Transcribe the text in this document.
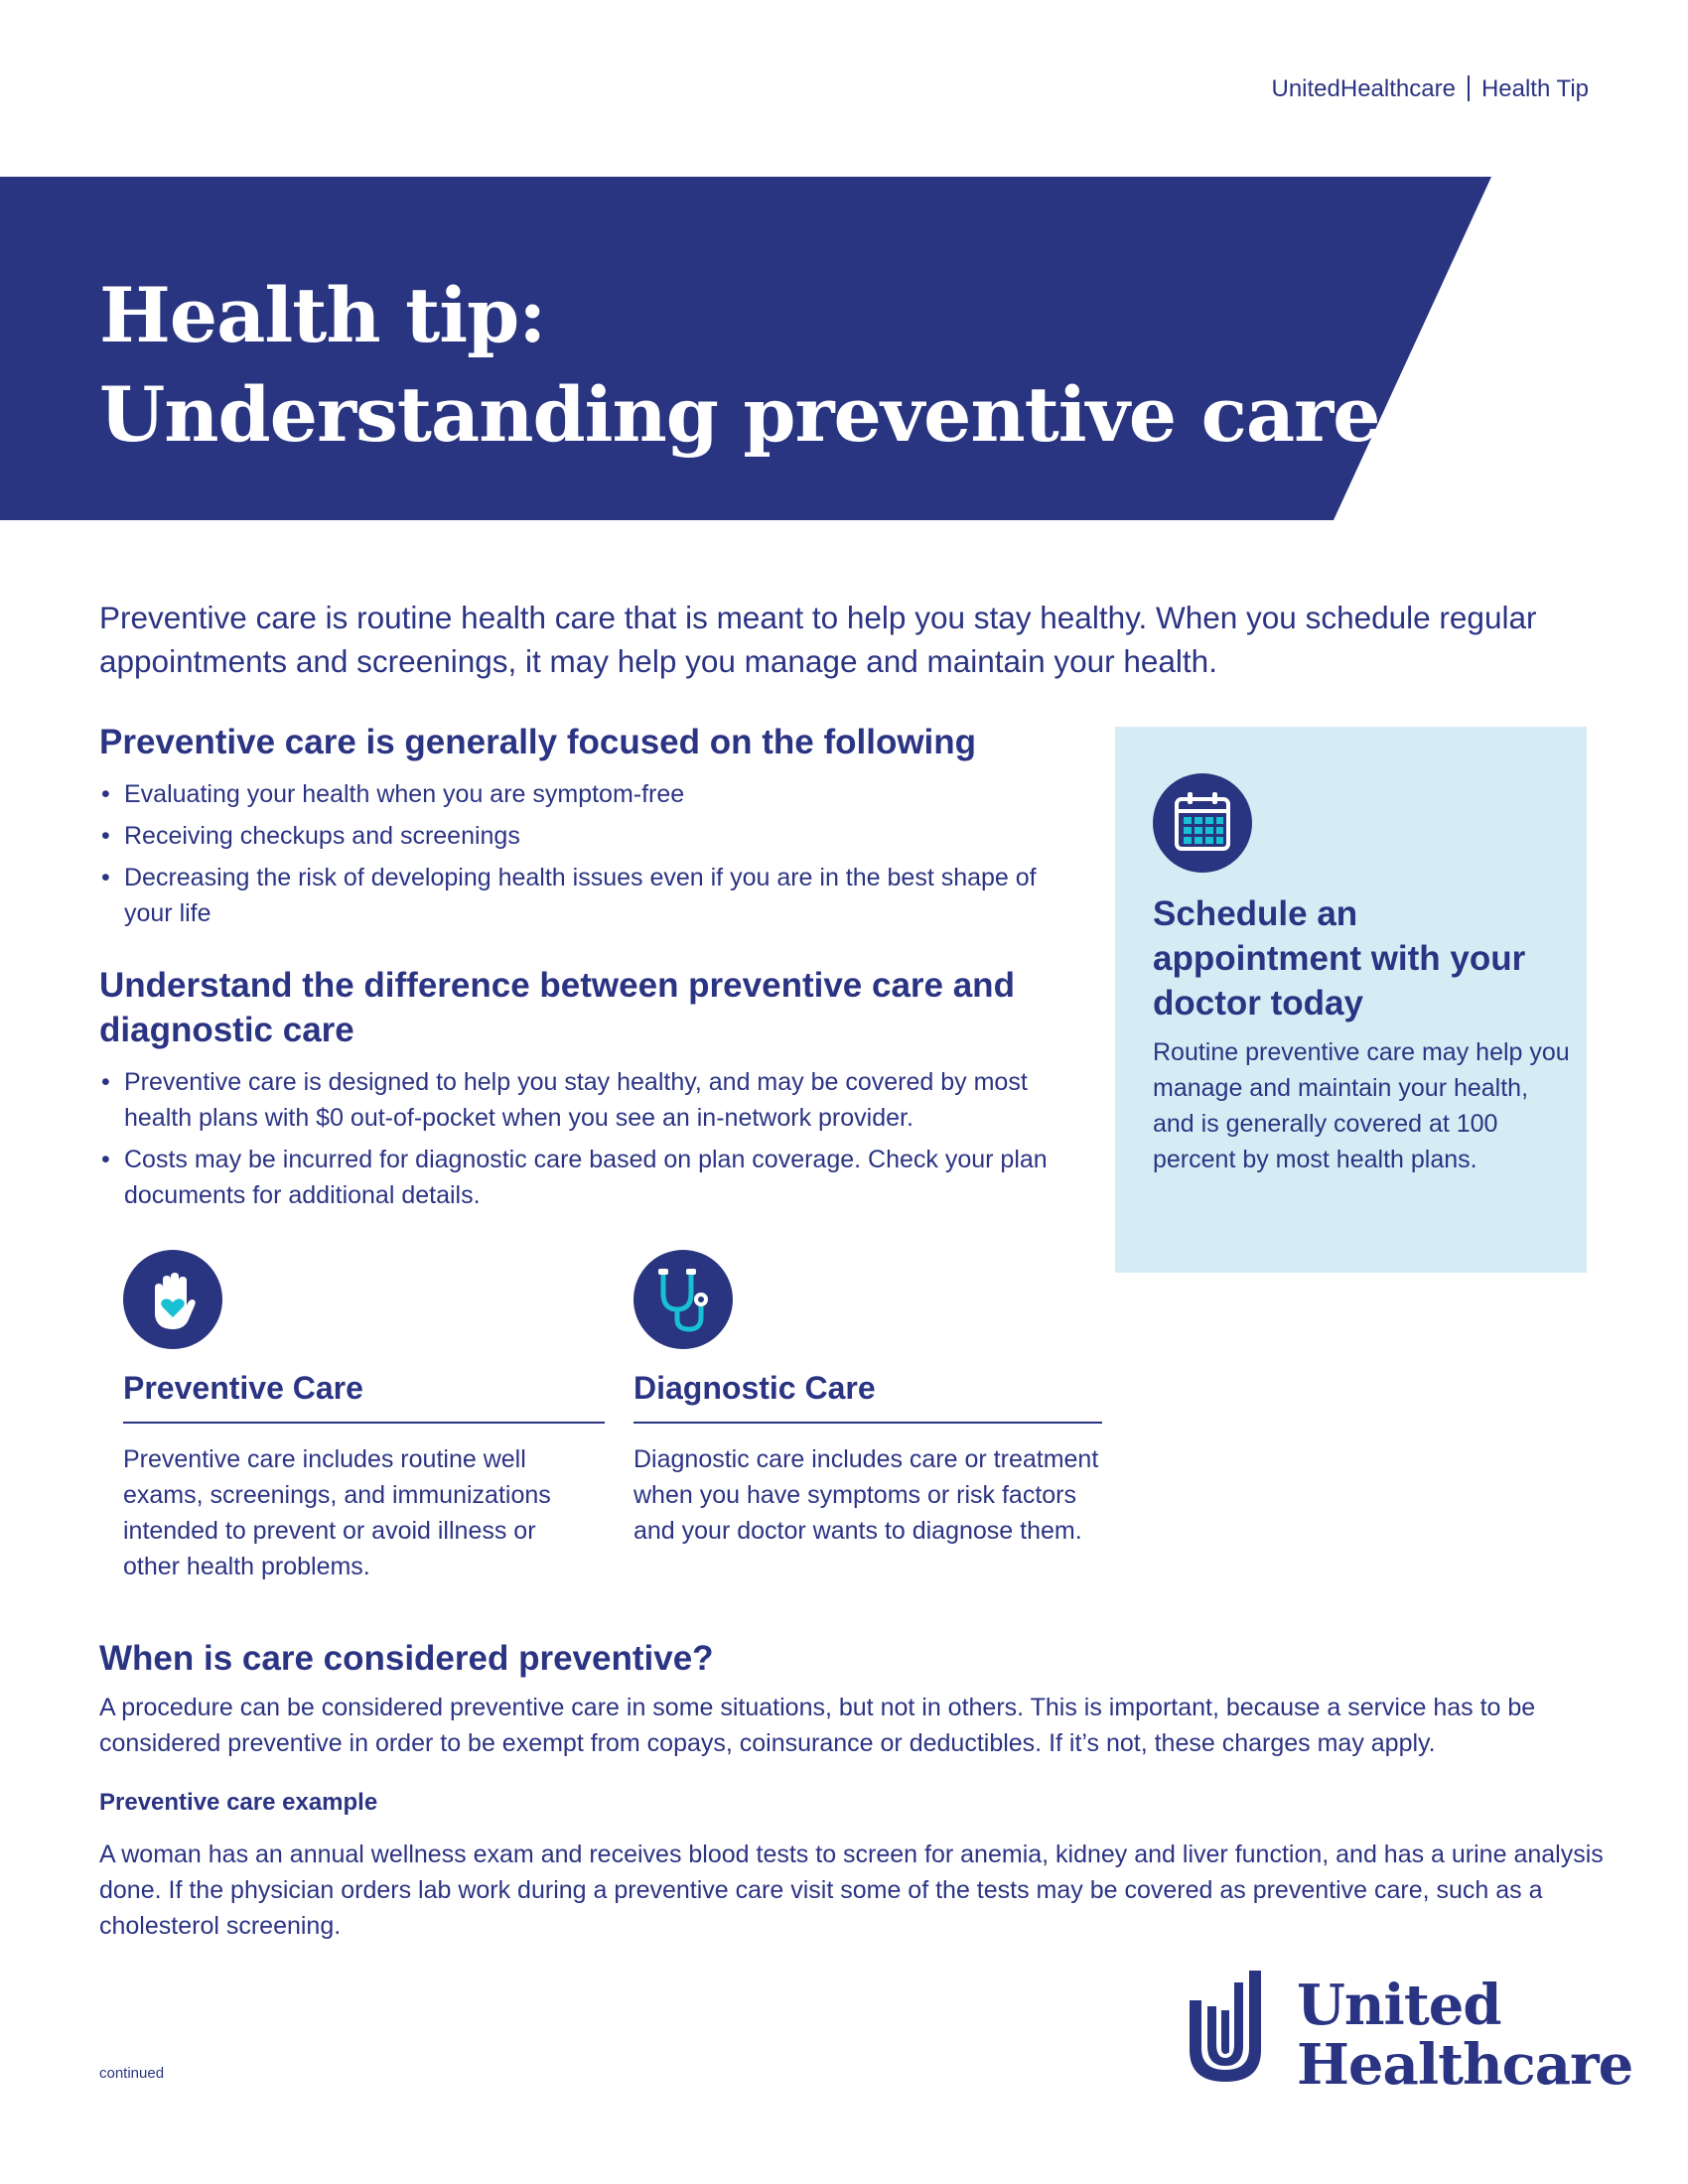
UnitedHealthcare Health Tip
Health tip:
Understanding preventive care
Preventive care is routine health care that is meant to help you stay healthy. When you schedule regular appointments and screenings, it may help you manage and maintain your health.
Preventive care is generally focused on the following
• Evaluating your health when you are symptom-free
• Receiving checkups and screenings
• Decreasing the risk of developing health issues even if you are in the best shape of your life
Understand the difference between preventive care and diagnostic care
• Preventive care is designed to help you stay healthy, and may be covered by most health plans with $0 out-of-pocket when you see an in-network provider.
• Costs may be incurred for diagnostic care based on plan coverage. Check your plan documents for additional details.
Schedule an appointment with your doctor today
Routine preventive care may help you manage and maintain your health, and is generally covered at 100 percent by most health plans.
Preventive Care
Preventive care includes routine well exams, screenings, and immunizations intended to prevent or avoid illness or other health problems.
Diagnostic Care
Diagnostic care includes care or treatment when you have symptoms or risk factors and your doctor wants to diagnose them.
When is care considered preventive?
A procedure can be considered preventive care in some situations, but not in others. This is important, because a service has to be considered preventive in order to be exempt from copays, coinsurance or deductibles. If it’s not, these charges may apply.
Preventive care example
A woman has an annual wellness exam and receives blood tests to screen for anemia, kidney and liver function, and has a urine analysis done. If the physician orders lab work during a preventive care visit some of the tests may be covered as preventive care, such as a cholesterol screening.
continued
United
Healthcare
